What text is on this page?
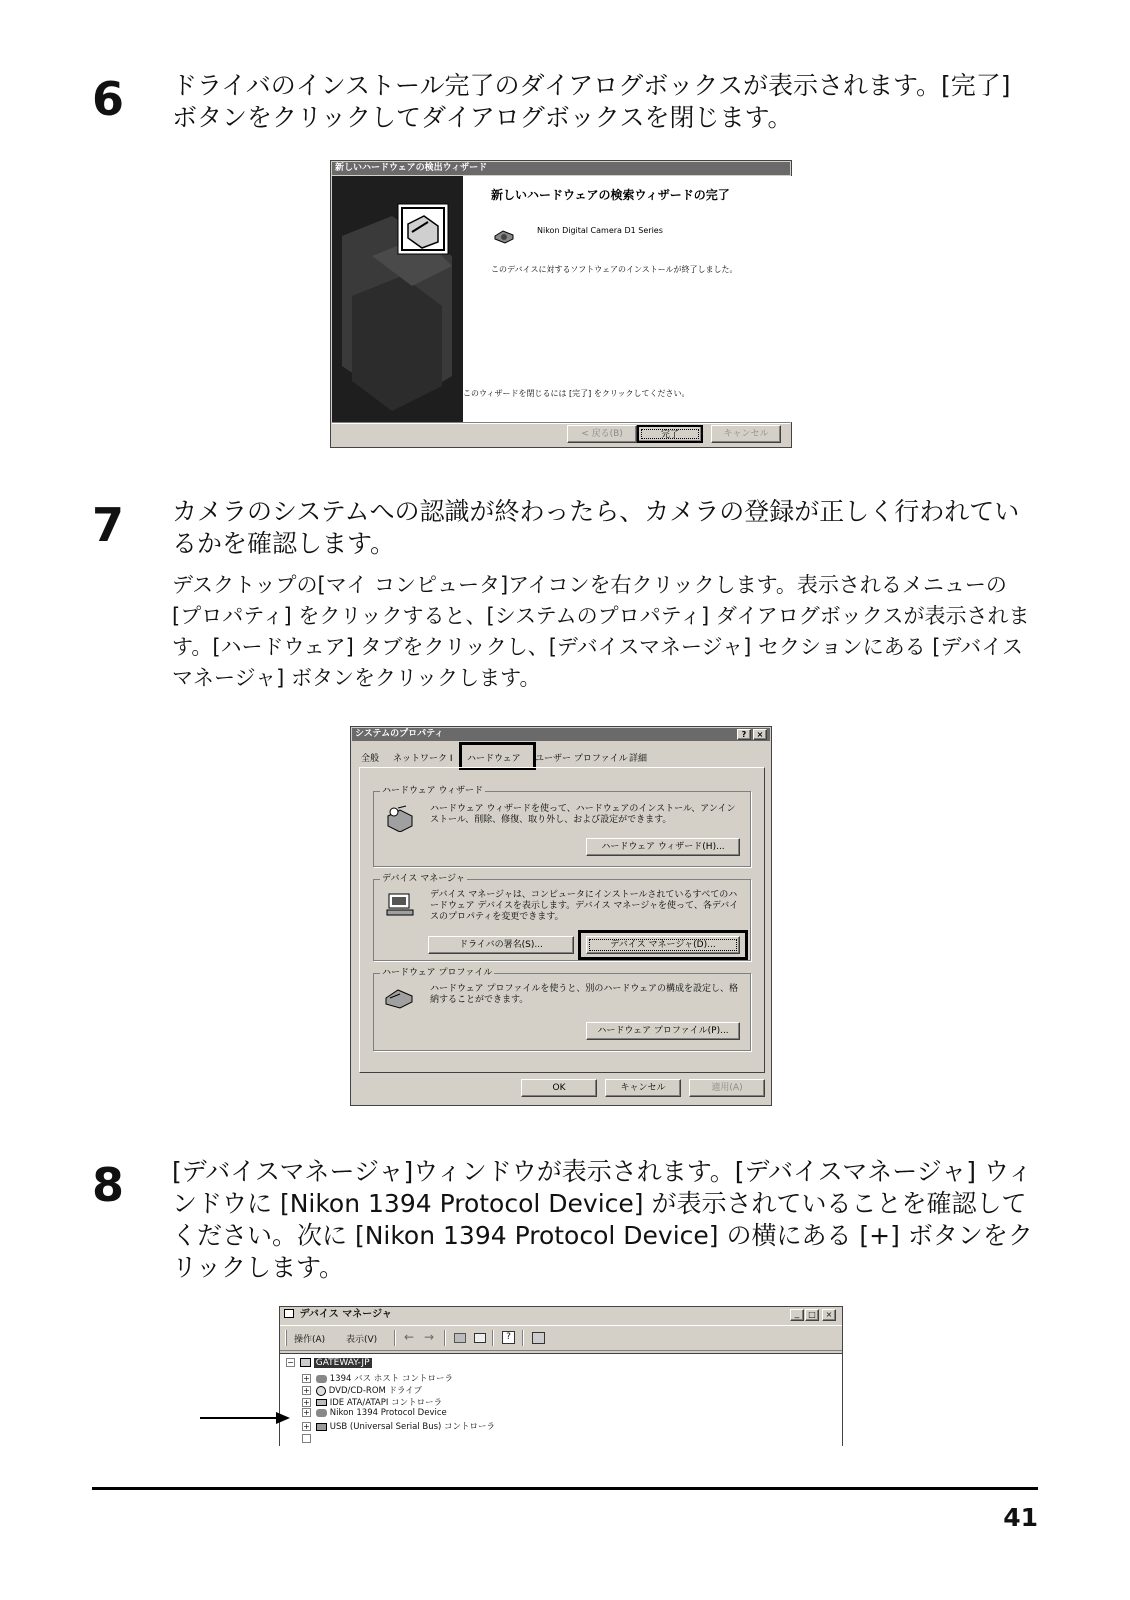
6 ドライバのインストール完了のダイアログボックスが表示されます。[完了] ボタンをクリックしてダイアログボックスを閉じます。
新しいハードウェアの検出ウィザード
新しいハードウェアの検索ウィザードの完了
Nikon Digital Camera D1 Series
このデバイスに対するソフトウェアのインストールが終了しました。
このウィザードを閉じるには [完了] をクリックしてください。
< 戻る(B)	完了	キャンセル
7 カメラのシステムへの認識が終わったら、カメラの登録が正しく行われているかを確認します。
デスクトップの[マイ コンピュータ]アイコンを右クリックします。表示されるメニューの [プロパティ] をクリックすると、[システムのプロパティ] ダイアログボックスが表示されます。[ハードウェア] タブをクリックし、[デバイスマネージャ] セクションにある [デバイスマネージャ] ボタンをクリックします。
システムのプロパティ	?	×
全般 ネットワーク I ハードウェア ユーザー プロファイル 詳細
ハードウェア ウィザード
ハードウェア ウィザードを使って、ハードウェアのインストール、アンインストール、削除、修復、取り外し、および設定ができます。
ハードウェア ウィザード(H)...
デバイス マネージャ
デバイス マネージャは、コンピュータにインストールされているすべてのハードウェア デバイスを表示します。デバイス マネージャを使って、各デバイスのプロパティを変更できます。
ドライバの署名(S)...	デバイス マネージャ(D)...
ハードウェア プロファイル
ハードウェア プロファイルを使うと、別のハードウェアの構成を設定し、格納することができます。
ハードウェア プロファイル(P)...
OK	キャンセル	適用(A)
8 [デバイスマネージャ]ウィンドウが表示されます。[デバイスマネージャ] ウィンドウに [Nikon 1394 Protocol Device] が表示されていることを確認してください。次に [Nikon 1394 Protocol Device] の横にある [+] ボタンをクリックします。
デバイス マネージャ	_	□	×
操作(A) 表示(V) ← →	?
− GATEWAY-JP
+ 1394 バス ホスト コントローラ
+ DVD/CD-ROM ドライブ
+ IDE ATA/ATAPI コントローラ
+ Nikon 1394 Protocol Device
+ USB (Universal Serial Bus) コントローラ
41
